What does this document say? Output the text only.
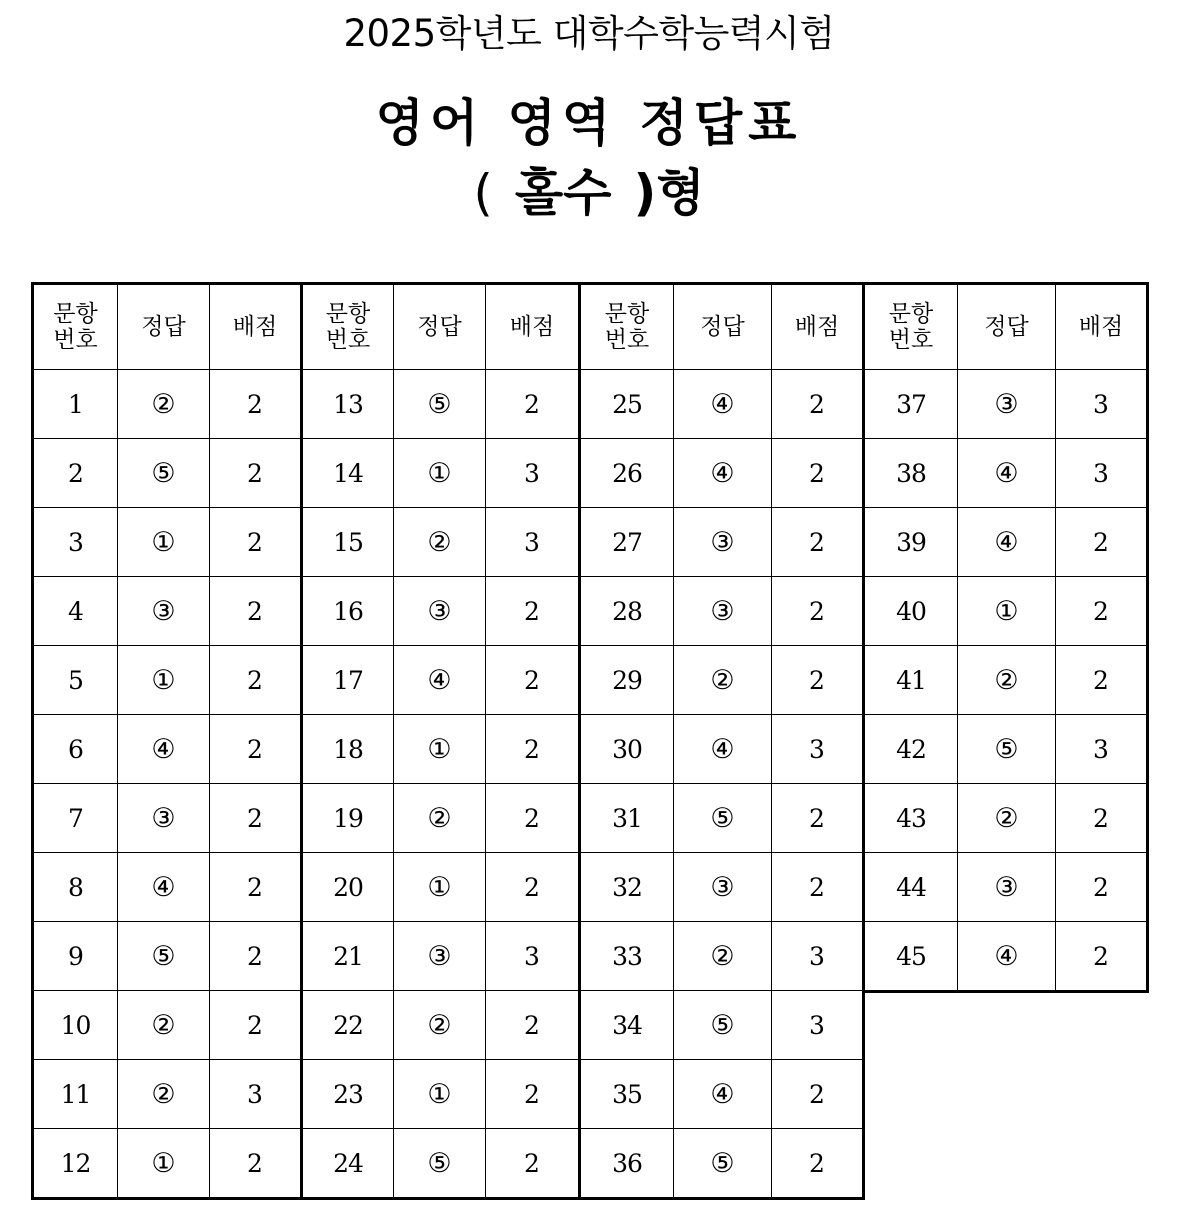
2025학년도 대학수학능력시험
영어 영역 정답표
( 홀수 )형
문항
번호	정답	배점
1	②	2
2	⑤	2
3	①	2
4	③	2
5	①	2
6	④	2
7	③	2
8	④	2
9	⑤	2
10	②	2
11	②	3
12	①	2
문항
번호	정답	배점
13	⑤	2
14	①	3
15	②	3
16	③	2
17	④	2
18	①	2
19	②	2
20	①	2
21	③	3
22	②	2
23	①	2
24	⑤	2
문항
번호	정답	배점
25	④	2
26	④	2
27	③	2
28	③	2
29	②	2
30	④	3
31	⑤	2
32	③	2
33	②	3
34	⑤	3
35	④	2
36	⑤	2
문항
번호	정답	배점
37	③	3
38	④	3
39	④	2
40	①	2
41	②	2
42	⑤	3
43	②	2
44	③	2
45	④	2
